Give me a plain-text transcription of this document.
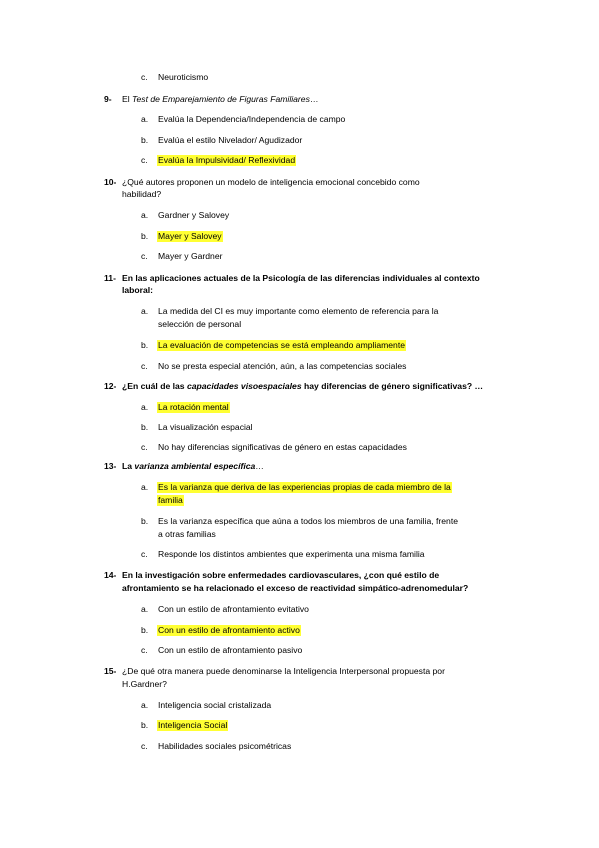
c. Neuroticismo
9- El Test de Emparejamiento de Figuras Familiares…
a. Evalúa la Dependencia/Independencia de campo
b. Evalúa el estilo Nivelador/ Agudizador
c. Evalúa la Impulsividad/ Reflexividad
10- ¿Qué autores proponen un modelo de inteligencia emocional concebido como
habilidad?
a. Gardner y Salovey
b. Mayer y Salovey
c. Mayer y Gardner
11- En las aplicaciones actuales de la Psicología de las diferencias individuales al contexto
laboral:
a. La medida del CI es muy importante como elemento de referencia para la
selección de personal
b. La evaluación de competencias se está empleando ampliamente
c. No se presta especial atención, aún, a las competencias sociales
12- ¿En cuál de las capacidades visoespaciales hay diferencias de género significativas? …
a. La rotación mental
b. La visualización espacial
c. No hay diferencias significativas de género en estas capacidades
13- La varianza ambiental específica…
a. Es la varianza que deriva de las experiencias propias de cada miembro de la
familia
b. Es la varianza específica que aúna a todos los miembros de una familia, frente
a otras familias
c. Responde los distintos ambientes que experimenta una misma familia
14- En la investigación sobre enfermedades cardiovasculares, ¿con qué estilo de
afrontamiento se ha relacionado el exceso de reactividad simpático-adrenomedular?
a. Con un estilo de afrontamiento evitativo
b. Con un estilo de afrontamiento activo
c. Con un estilo de afrontamiento pasivo
15- ¿De qué otra manera puede denominarse la Inteligencia Interpersonal propuesta por
H.Gardner?
a. Inteligencia social cristalizada
b. Inteligencia Social
c. Habilidades sociales psicométricas
